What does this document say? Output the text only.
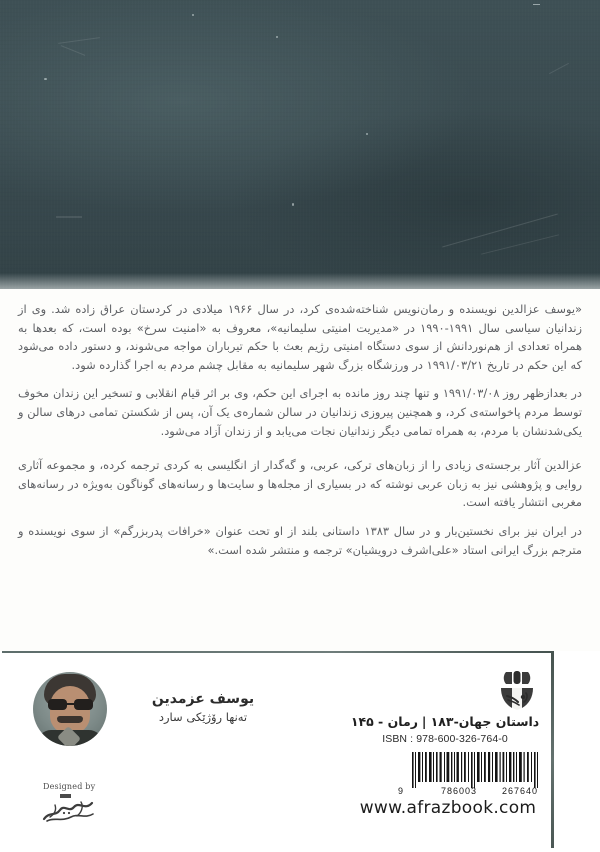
«یوسف عزالدین نویسنده و رمان‌نویس شناخته‌شده‌ی کرد، در سال ۱۹۶۶ میلادی در کردستان عراق زاده شد. وی از زندانیان سیاسی سال ۱۹۹۱-۱۹۹۰ در «مدیریت امنیتی سلیمانیه»، معروف به «امنیت سرخ» بوده است، که بعدها به همراه تعدادی از هم‌نوردانش از سوی دستگاه امنیتی رژیم بعث با حکم تیرباران مواجه می‌شوند، و دستور داده می‌شود که این حکم در تاریخ ۱۹۹۱/۰۳/۲۱ در ورزشگاه بزرگ شهر سلیمانیه به مقابل چشم مردم به اجرا گذارده شود.

در بعدازظهر روز ۱۹۹۱/۰۳/۰۸ و تنها چند روز مانده به اجرای این حکم، وی بر اثر قیام انقلابی و تسخیر این زندان مخوف توسط مردم پاخواسته‌ی کرد، و همچنین پیروزی زندانیان در سالن شماره‌ی یک آن، پس از شکستن تمامی درهای سالن و یکی‌شدنشان با مردم، به همراه تمامی دیگر زندانیان نجات می‌یابد و از زندان آزاد می‌شود.

عزالدین آثار برجسته‌ی زیادی را از زبان‌های ترکی، عربی، و گه‌گدار از انگلیسی به کردی ترجمه کرده، و مجموعه آثاری روایی و پژوهشی نیز به زبان عربی نوشته که در بسیاری از مجله‌ها و سایت‌ها و رسانه‌های گوناگون به‌ویژه در رسانه‌های مغربی انتشار یافته است.

در ایران نیز برای نخستین‌بار و در سال ۱۳۸۳ داستانی بلند از او تحت عنوان «خرافات پدربزرگم» از سوی نویسنده و مترجم بزرگ ایرانی استاد «علی‌اشرف درویشیان» ترجمه و منتشر شده است.»

یوسف عزمدین
تەنها رۆژێکی سارد
Designed by
داستان جهان-۱۸۳|رمان - ۱۴۵
ISBN : 978-600-326-764-0
9	786003	267640
www.afrazbook.com
